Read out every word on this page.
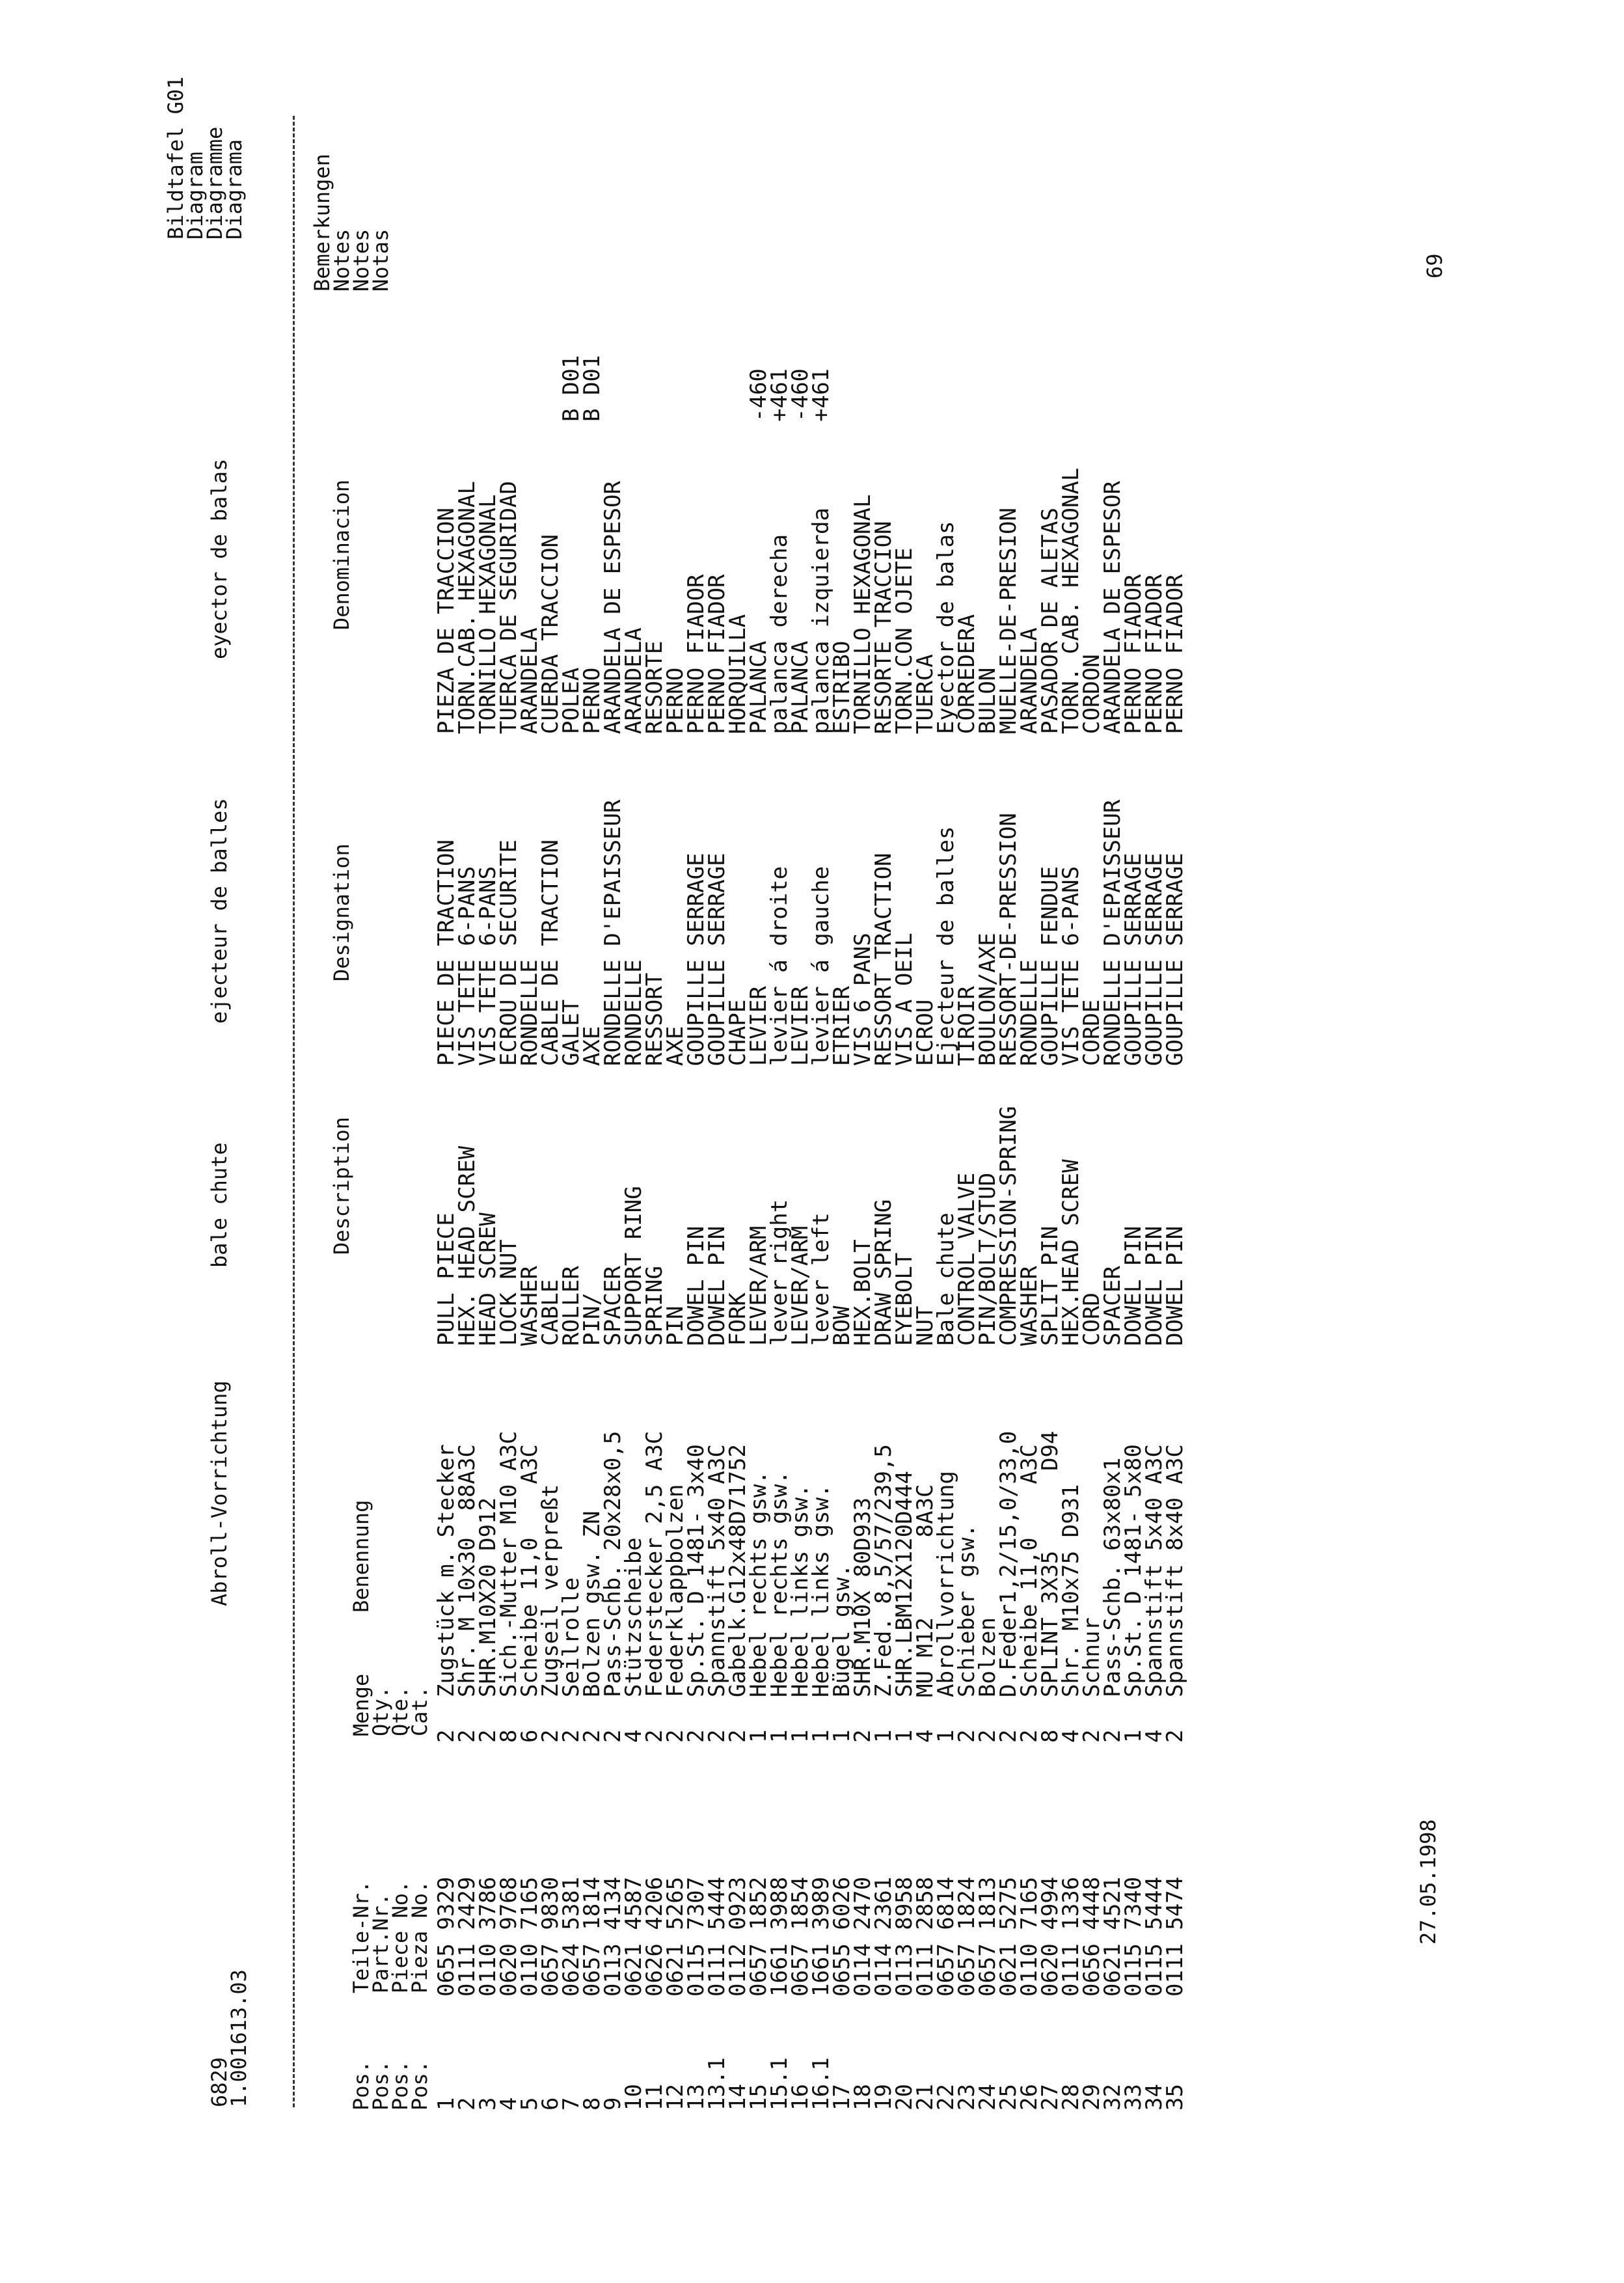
6829
1.001613.03
Abroll-Vorrichtung
bale chute
ejecteur de balles
eyector de balas
Bildtafel G01
Diagram
Diagramme
Diagrama
Pos.
Pos.
Pos.
Pos.
Teile-Nr.
Part.Nr.
Piece No.
Pieza No.
Menge
Qty.
Qte.
Cat.
Benennung
Description
Designation
Denominacion
Bemerkungen
Notes
Notes
Notas
1
2
3
4
5
6
7
8
9
10
11
12
13
13.1
14
15
15.1
16
16.1
17
18
19
20
21
22
23
24
25
26
27
28
29
32
33
34
35
0655 9329
0111 2429
0110 3786
0620 9768
0110 7165
0657 9830
0624 5381
0657 1814
0113 4134
0621 4587
0626 4206
0621 5265
0115 7307
0111 5444
0112 0923
0657 1852
1661 3988
0657 1854
1661 3989
0655 6026
0114 2470
0114 2361
0113 8958
0111 2858
0657 6814
0657 1824
0657 1813
0621 5275
0110 7165
0620 4994
0111 1336
0656 4448
0621 4521
0115 7340
0115 5444
0111 5474
2
2
2
8
6
2
2
2
2
4
2
2
2
2
2
1
1
1
1
1
2
1
1
4
1
2
2
2
2
8
4
2
2
1
4
2
Zugstück m. Stecker
Shr. M 10x30  88A3C
SHR.M10X20 D912
Sich.-Mutter M10 A3C
Scheibe 11,0    A3C
Zugseil verpreßt
Seilrolle
Bolzen gsw. ZN
Pass-Schb. 20x28x0,5
Stützscheibe
Federstecker 2,5 A3C
Federklappbolzen
Sp.St. D 1481- 3x40
Spannstift 5x40 A3C
Gabelk.G12x48D71752
Hebel rechts gsw.
Hebel rechts gsw.
Hebel links gsw.
Hebel links gsw.
Bügel gsw.
SHR.M10X 80D933
Z.Fed. 8,5/57/239,5
SHR.LBM12X120D444
MU M12      8A3C
Abrollvorrichtung
Schieber gsw.
Bolzen
D.Feder1,2/15,0/33,0
Scheibe 11,0    A3C
SPLINT 3X35      D94
Shr. M10x75 D931
Schnur
Pass-Schb. 63x80x1
Sp.St. D 1481- 5x80
Spannstift 5x40 A3C
Spannstift 8x40 A3C
PULL PIECE
HEX. HEAD SCREW
HEAD SCREW
LOCK NUT
WASHER
CABLE
ROLLER
PIN/
SPACER
SUPPORT RING
SPRING
PIN
DOWEL PIN
DOWEL PIN
FORK
LEVER/ARM
lever right
LEVER/ARM
lever left
BOW
HEX.BOLT
DRAW SPRING
EYEBOLT
NUT
Bale chute
CONTROL VALVE
PIN/BOLT/STUD
COMPRESSION-SPRING
WASHER
SPLIT PIN
HEX.HEAD SCREW
CORD
SPACER
DOWEL PIN
DOWEL PIN
DOWEL PIN
PIECE DE TRACTION
VIS TETE 6-PANS
VIS TETE 6-PANS
ECROU DE SECURITE
RONDELLE
CABLE DE TRACTION
GALET
AXE
RONDELLE D'EPAISSEUR
RONDELLE
RESSORT
AXE
GOUPILLE SERRAGE
GOUPILLE SERRAGE
CHAPE
LEVIER
levier á droite
LEVIER
levier á gauche
ETRIER
VIS 6 PANS
RESSORT TRACTION
VIS A OEIL
ECROU
Ejecteur de balles
TIROIR
BOULON/AXE
RESSORT-DE-PRESSION
RONDELLE
GOUPILLE FENDUE
VIS TETE 6-PANS
CORDE
RONDELLE D'EPAISSEUR
GOUPILLE SERRAGE
GOUPILLE SERRAGE
GOUPILLE SERRAGE
PIEZA DE TRACCION
TORN.CAB. HEXAGONAL
TORNILLO HEXAGONAL
TUERCA DE SEGURIDAD
ARANDELA
CUERDA TRACCION
POLEA
PERNO
ARANDELA DE ESPESOR
ARANDELA
RESORTE
PERNO
PERNO FIADOR
PERNO FIADOR
HORQUILLA
PALANCA
palanca derecha
PALANCA
palanca izquierda
ESTRIBO
TORNILLO HEXAGONAL
RESORTE TRACCION
TORN.CON OJETE
TUERCA
Eyector de balas
CORREDERA
BULON
MUELLE-DE-PRESION
ARANDELA
PASADOR DE ALETAS
TORN. CAB. HEXAGONAL
CORDON
ARANDELA DE ESPESOR
PERNO FIADOR
PERNO FIADOR
PERNO FIADOR

B D01
B D01

	-460
+461
-460
+461

27.05.1998
69
